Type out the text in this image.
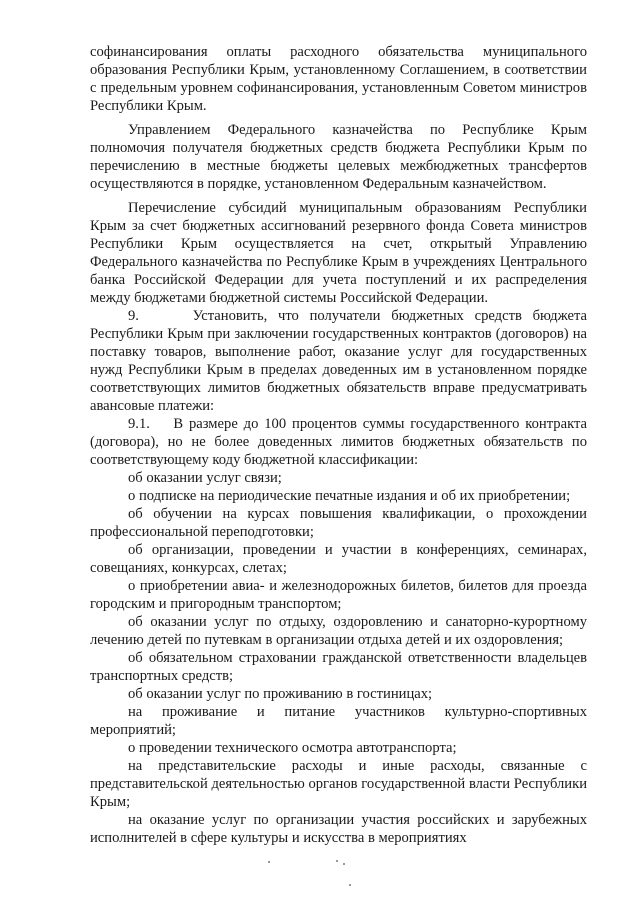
софинансирования оплаты расходного обязательства муниципального образования Республики Крым, установленному Соглашением, в соответствии с предельным уровнем софинансирования, установленным Советом министров Республики Крым.

Управлением Федерального казначейства по Республике Крым полномочия получателя бюджетных средств бюджета Республики Крым по перечислению в местные бюджеты целевых межбюджетных трансфертов осуществляются в порядке, установленном Федеральным казначейством.

Перечисление субсидий муниципальным образованиям Республики Крым за счет бюджетных ассигнований резервного фонда Совета министров Республики Крым осуществляется на счет, открытый Управлению Федерального казначейства по Республике Крым в учреждениях Центрального банка Российской Федерации для учета поступлений и их распределения между бюджетами бюджетной системы Российской Федерации.

9.     Установить, что получатели бюджетных средств бюджета Республики Крым при заключении государственных контрактов (договоров) на поставку товаров, выполнение работ, оказание услуг для государственных нужд Республики Крым в пределах доведенных им в установленном порядке соответствующих лимитов бюджетных обязательств вправе предусматривать авансовые платежи:

9.1.    В размере до 100 процентов суммы государственного контракта (договора), но не более доведенных лимитов бюджетных обязательств по соответствующему коду бюджетной классификации:

об оказании услуг связи;

о подписке на периодические печатные издания и об их приобретении;

об обучении на курсах повышения квалификации, о прохождении профессиональной переподготовки;

об организации, проведении и участии в конференциях, семинарах, совещаниях, конкурсах, слетах;

о приобретении авиа- и железнодорожных билетов, билетов для проезда городским и пригородным транспортом;

об оказании услуг по отдыху, оздоровлению и санаторно-курортному лечению детей по путевкам в организации отдыха детей и их оздоровления;

об обязательном страховании гражданской ответственности владельцев транспортных средств;

об оказании услуг по проживанию в гостиницах;

на проживание и питание участников культурно-спортивных мероприятий;

о проведении технического осмотра автотранспорта;

на представительские расходы и иные расходы, связанные с представительской деятельностью органов государственной власти Республики Крым;

на оказание услуг по организации участия российских и зарубежных исполнителей в сфере культуры и искусства в мероприятиях
